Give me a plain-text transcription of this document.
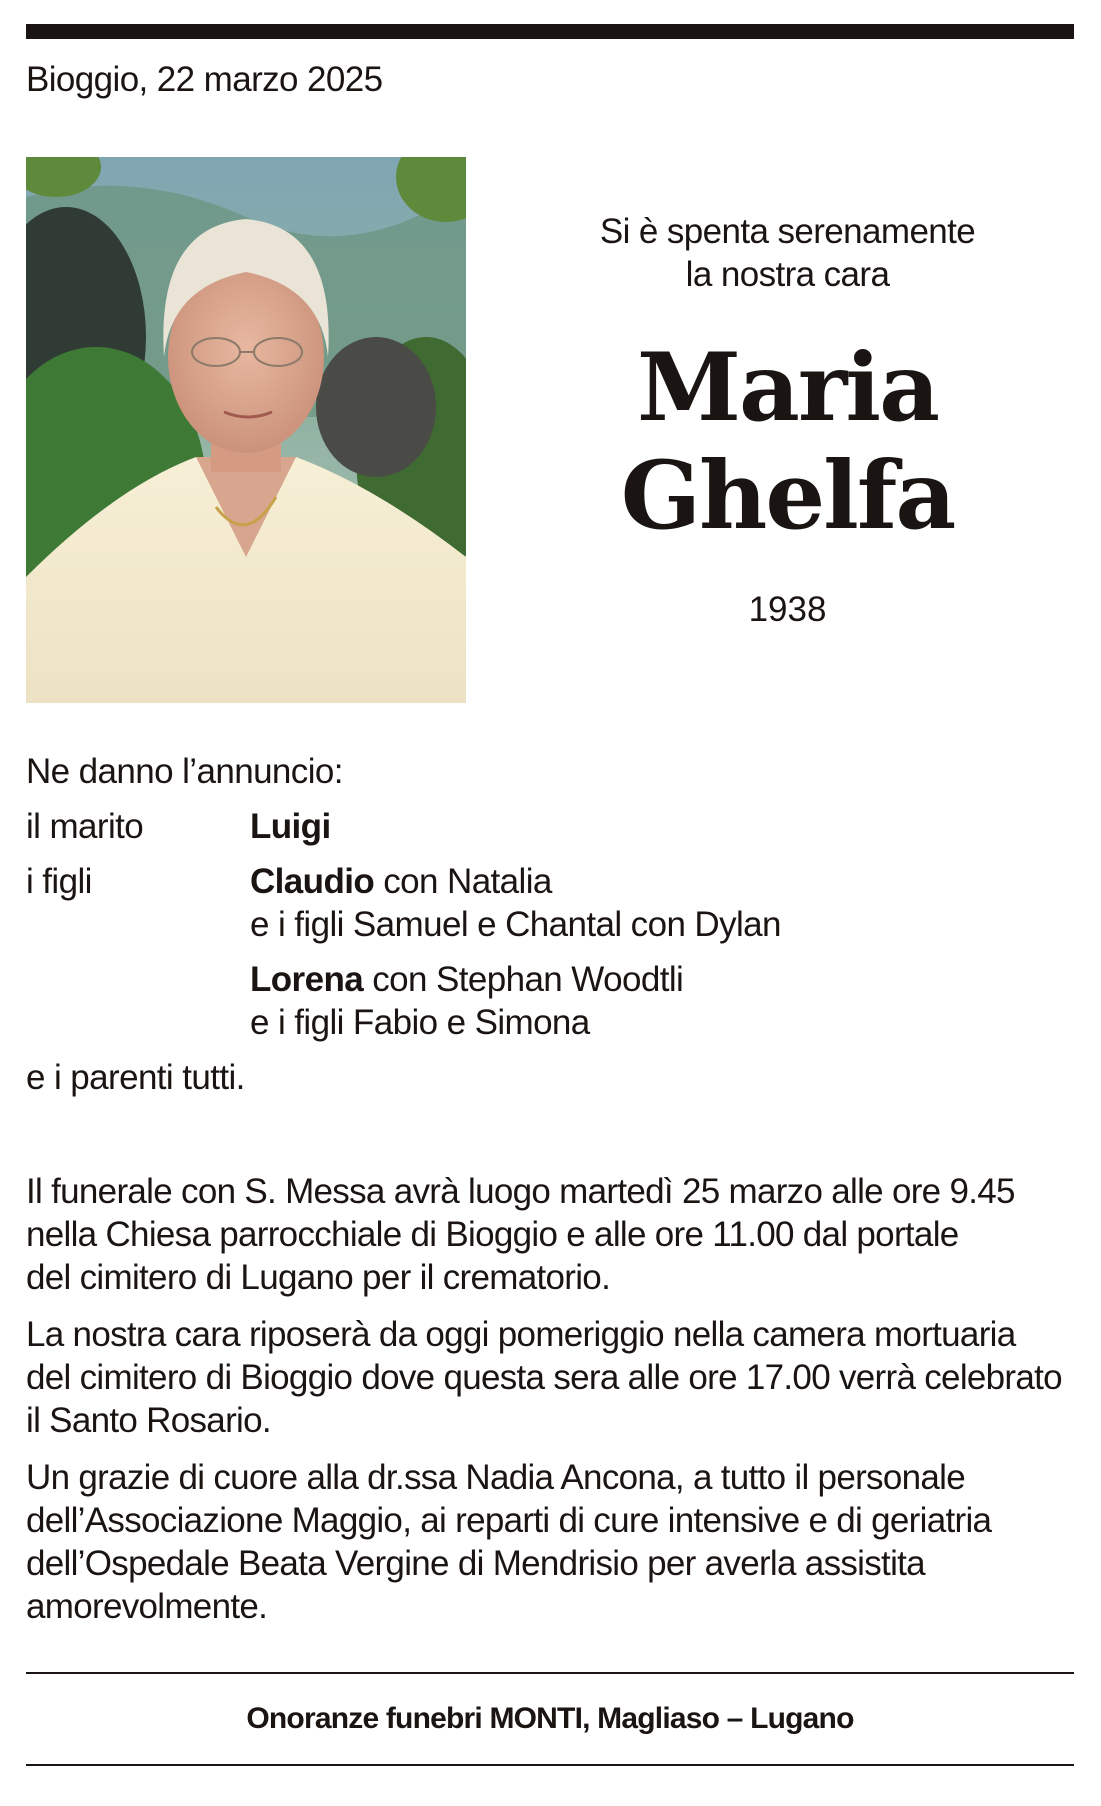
Bioggio, 22 marzo 2025
Si è spenta serenamente
la nostra cara
Maria
Ghelfa
1938
Ne danno l’annuncio:
il marito	Luigi
i figli	Claudio con Natalia
e i figli Samuel e Chantal con Dylan
Lorena con Stephan Woodtli
e i figli Fabio e Simona
e i parenti tutti.

Il funerale con S. Messa avrà luogo martedì 25 marzo alle ore 9.45
nella Chiesa parrocchiale di Bioggio e alle ore 11.00 dal portale
del cimitero di Lugano per il crematorio.

La nostra cara riposerà da oggi pomeriggio nella camera mortuaria
del cimitero di Bioggio dove questa sera alle ore 17.00 verrà celebrato
il Santo Rosario.

Un grazie di cuore alla dr.ssa Nadia Ancona, a tutto il personale
dell’Associazione Maggio, ai reparti di cure intensive e di geriatria
dell’Ospedale Beata Vergine di Mendrisio per averla assistita
amorevolmente.

Onoranze funebri MONTI, Magliaso – Lugano
